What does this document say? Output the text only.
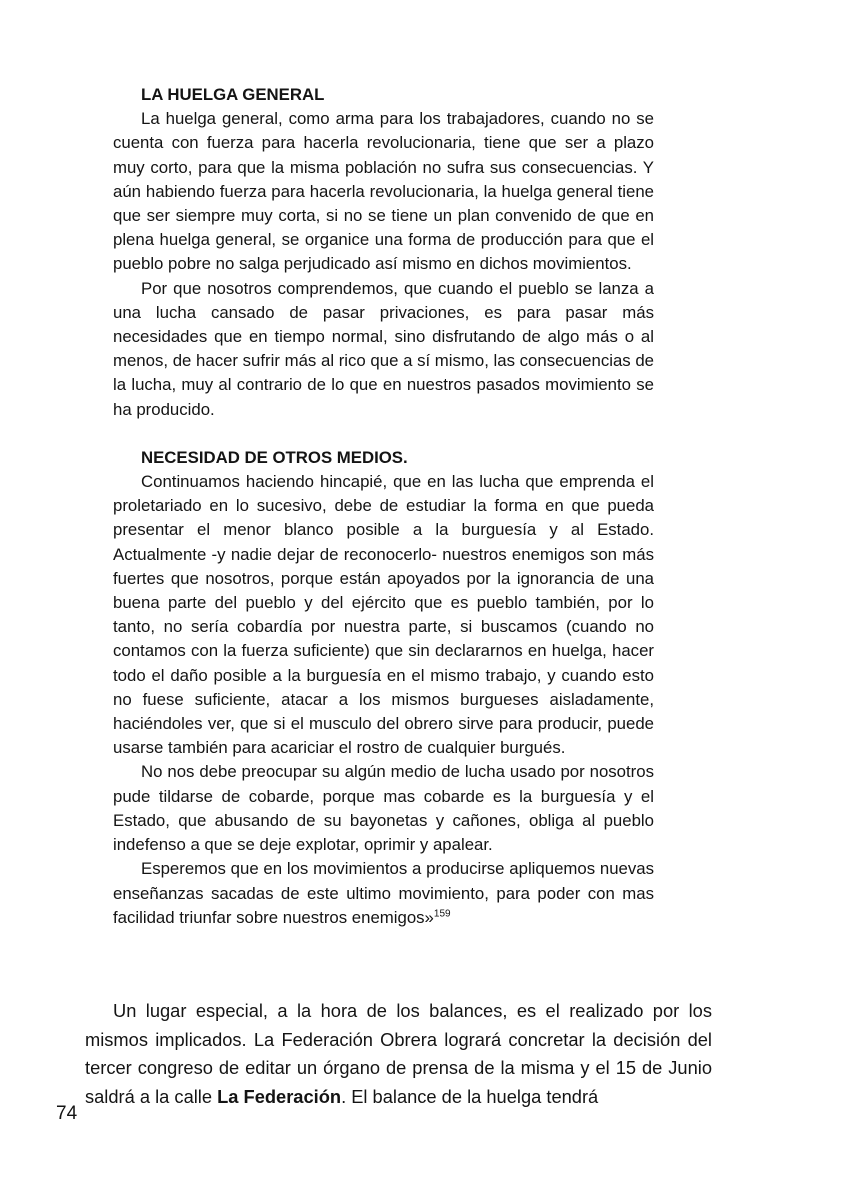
LA HUELGA GENERAL

La huelga general, como arma para los trabajadores, cuando no se cuenta con fuerza para hacerla revolucionaria, tiene que ser a plazo muy corto, para que la misma población no sufra sus consecuencias. Y aún habiendo fuerza para hacerla revolucionaria, la huelga general tiene que ser siempre muy corta, si no se tiene un plan convenido de que en plena huelga general, se organice una forma de producción para que el pueblo pobre no salga perjudicado así mismo en dichos movimientos.

Por que nosotros comprendemos, que cuando el pueblo se lanza a una lucha cansado de pasar privaciones, es para pasar más necesidades que en tiempo normal, sino disfrutando de algo más o al menos, de hacer sufrir más al rico que a sí mismo, las consecuencias de la lucha, muy al contrario de lo que en nuestros pasados movimiento se ha producido.

NECESIDAD DE OTROS MEDIOS.

Continuamos haciendo hincapié, que en las lucha que emprenda el proletariado en lo sucesivo, debe de estudiar la forma en que pueda presentar el menor blanco posible a la burguesía y al Estado. Actualmente -y nadie dejar de reconocerlo- nuestros enemigos son más fuertes que nosotros, porque están apoyados por la ignorancia de una buena parte del pueblo y del ejército que es pueblo también, por lo tanto, no sería cobardía por nuestra parte, si buscamos (cuando no contamos con la fuerza suficiente) que sin declararnos en huelga, hacer todo el daño posible a la burguesía en el mismo trabajo, y cuando esto no fuese suficiente, atacar a los mismos burgueses aisladamente, haciéndoles ver, que si el musculo del obrero sirve para producir, puede usarse también para acariciar el rostro de cualquier burgués.

No nos debe preocupar su algún medio de lucha usado por nosotros pude tildarse de cobarde, porque mas cobarde es la burguesía y el Estado, que abusando de su bayonetas y cañones, obliga al pueblo indefenso a que se deje explotar, oprimir y apalear.

Esperemos que en los movimientos a producirse apliquemos nuevas enseñanzas sacadas de este ultimo movimiento, para poder con mas facilidad triunfar sobre nuestros enemigos»$^{159}$

Un lugar especial, a la hora de los balances, es el realizado por los mismos implicados. La Federación Obrera logrará concretar la decisión del tercer congreso de editar un órgano de prensa de la misma y el 15 de Junio saldrá a la calle La Federación. El balance de la huelga tendrá

74
